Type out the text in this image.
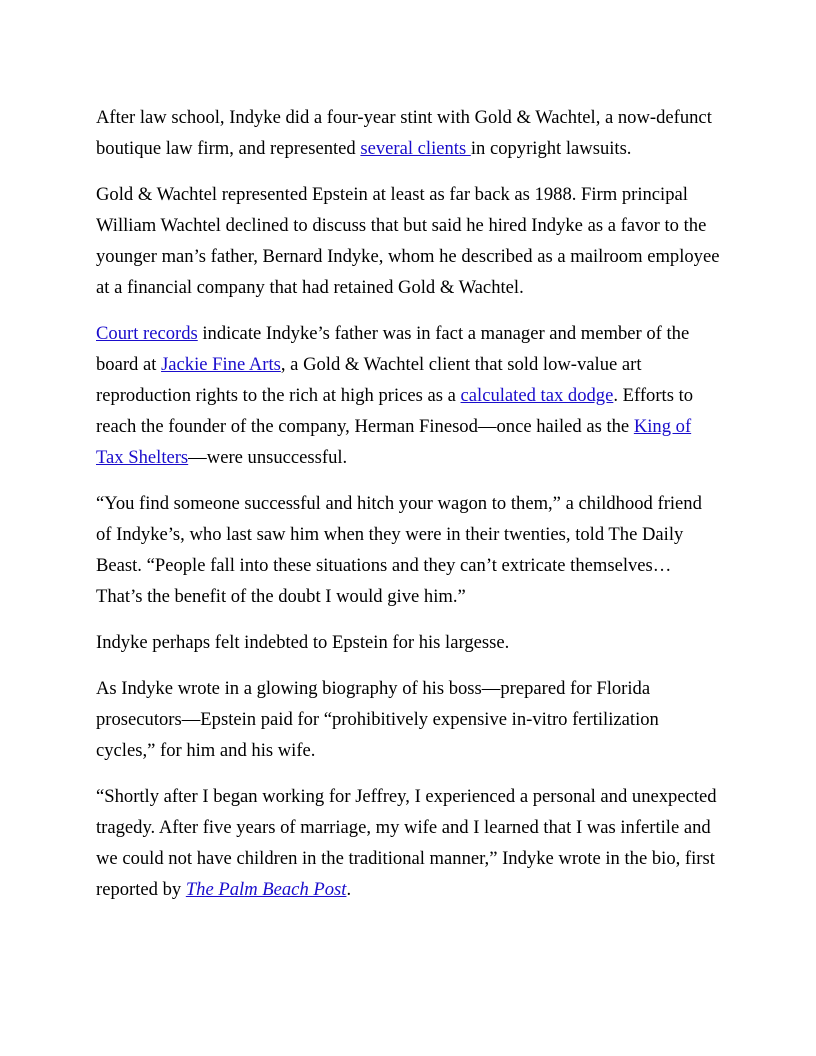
After law school, Indyke did a four-year stint with Gold & Wachtel, a now-defunct boutique law firm, and represented several clients in copyright lawsuits.

Gold & Wachtel represented Epstein at least as far back as 1988. Firm principal William Wachtel declined to discuss that but said he hired Indyke as a favor to the younger man’s father, Bernard Indyke, whom he described as a mailroom employee at a financial company that had retained Gold & Wachtel.

Court records indicate Indyke’s father was in fact a manager and member of the board at Jackie Fine Arts, a Gold & Wachtel client that sold low-value art reproduction rights to the rich at high prices as a calculated tax dodge. Efforts to reach the founder of the company, Herman Finesod—once hailed as the King of Tax Shelters—were unsuccessful.

“You find someone successful and hitch your wagon to them,” a childhood friend of Indyke’s, who last saw him when they were in their twenties, told The Daily Beast. “People fall into these situations and they can’t extricate themselves… That’s the benefit of the doubt I would give him.”

Indyke perhaps felt indebted to Epstein for his largesse.

As Indyke wrote in a glowing biography of his boss—prepared for Florida prosecutors—Epstein paid for “prohibitively expensive in-vitro fertilization cycles,” for him and his wife.

“Shortly after I began working for Jeffrey, I experienced a personal and unexpected tragedy. After five years of marriage, my wife and I learned that I was infertile and we could not have children in the traditional manner,” Indyke wrote in the bio, first reported by The Palm Beach Post.
